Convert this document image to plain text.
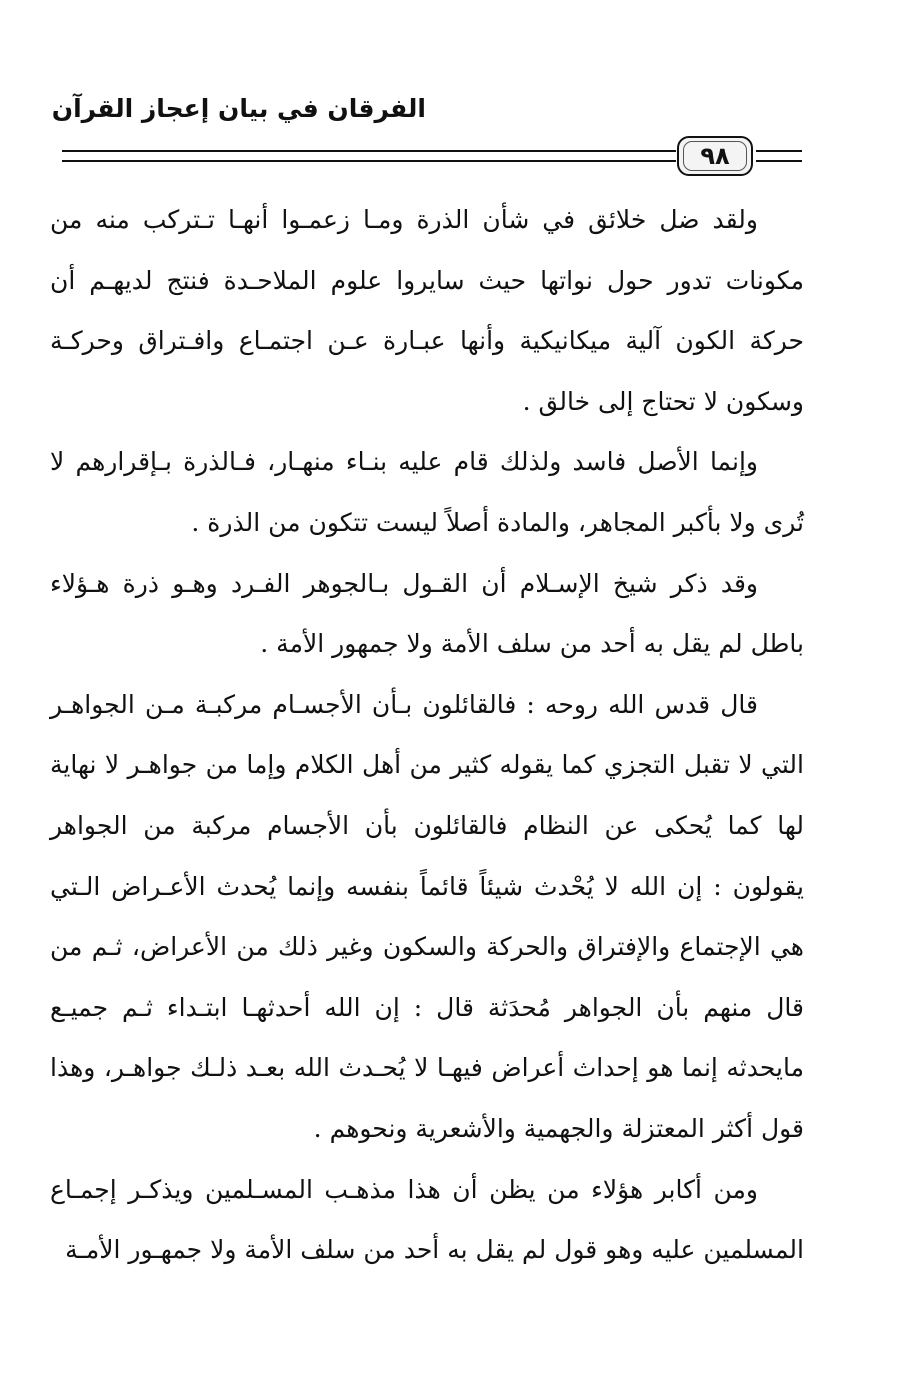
الفرقان في بيان إعجاز القرآن
٩٨

ولقد ضل خلائق في شأن الذرة ومـا زعمـوا أنهـا تـتركب منه من مكونات تدور حول نواتها حيث سايروا علوم الملاحـدة فنتج لديهـم أن حركة الكون آلية ميكانيكية وأنها عبـارة عـن اجتمـاع وافـتراق وحركـة وسكون لا تحتاج إلى خالق .

وإنما الأصل فاسد ولذلك قام عليه بنـاء منهـار، فـالذرة بـإقرارهم لا تُرى ولا بأكبر المجاهر، والمادة أصلاً ليست تتكون من الذرة .

وقد ذكر شيخ الإسـلام أن القـول بـالجوهر الفـرد وهـو ذرة هـؤلاء باطل لم يقل به أحد من سلف الأمة ولا جمهور الأمة .

قال قدس الله روحه : فالقائلون بـأن الأجسـام مركبـة مـن الجواهـر التي لا تقبل التجزي كما يقوله كثير من أهل الكلام وإما من جواهـر لا نهاية لها كما يُحكى عن النظام فالقائلون بأن الأجسام مركبة من الجواهر يقولون : إن الله لا يُحْدث شيئاً قائماً بنفسه وإنما يُحدث الأعـراض الـتي هي الإجتماع والإفتراق والحركة والسكون وغير ذلك من الأعراض، ثـم من قال منهم بأن الجواهر مُحدَثة قال : إن الله أحدثهـا ابتـداء ثـم جميـع مايحدثه إنما هو إحداث أعراض فيهـا لا يُحـدث الله بعـد ذلـك جواهـر، وهذا قول أكثر المعتزلة والجهمية والأشعرية ونحوهم .

ومن أكابر هؤلاء من يظن أن هذا مذهـب المسـلمين ويذكـر إجمـاع المسلمين عليه وهو قول لم يقل به أحد من سلف الأمة ولا جمهـور الأمـة
